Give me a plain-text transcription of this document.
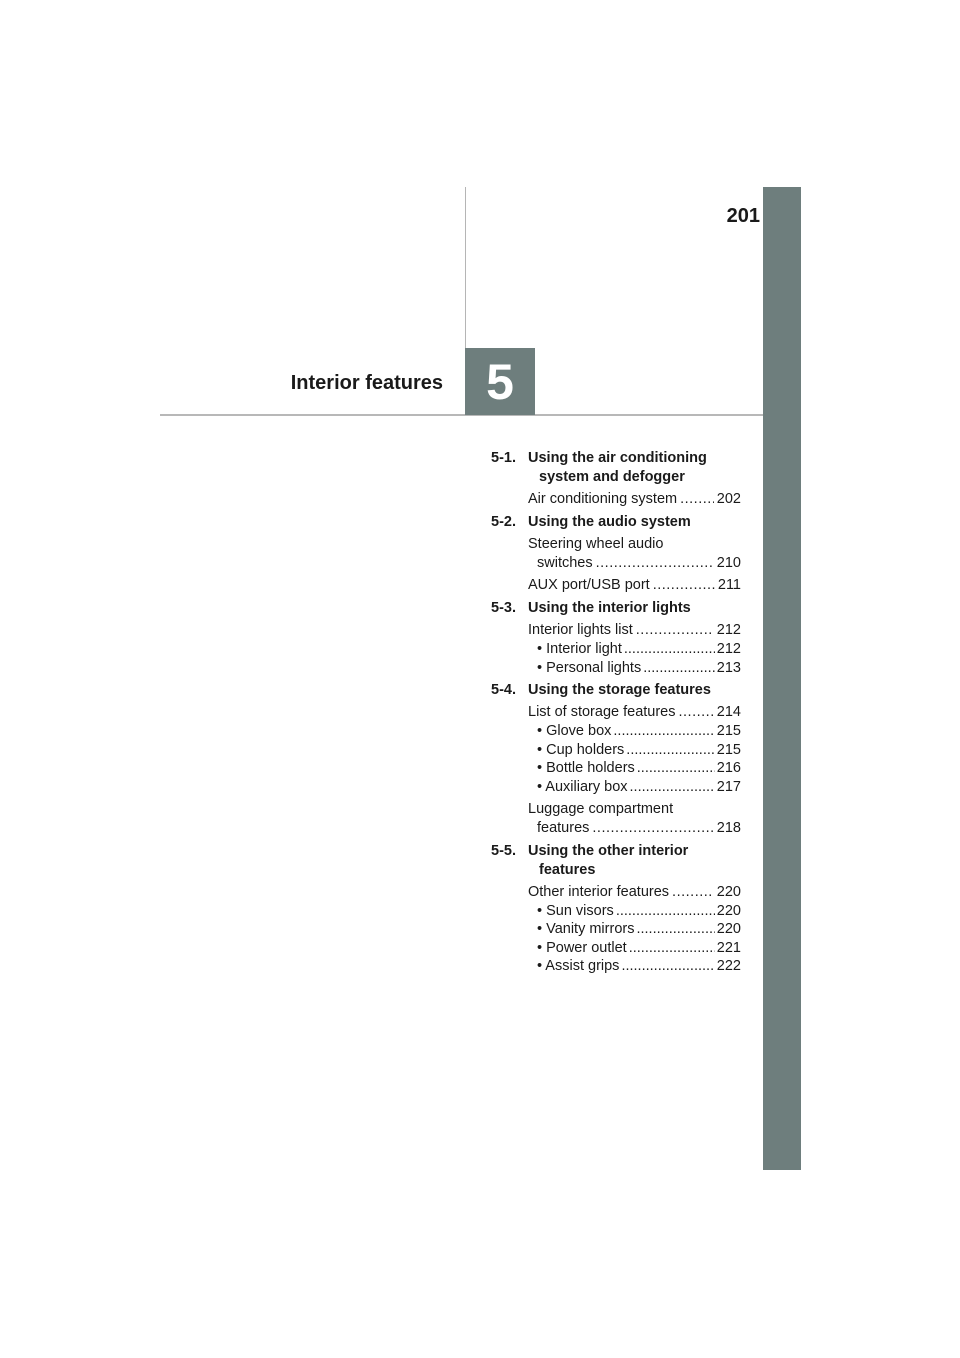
201
5
Interior features
5-1. Using the air conditioning
system and defogger
Air conditioning system .....	202
5-2. Using the audio system
Steering wheel audio
switches .....	210
AUX port/USB port .....	211
5-3. Using the interior lights
Interior lights list .....	212
• Interior light .....	212
• Personal lights .....	213
5-4. Using the storage features
List of storage features .....	214
• Glove box .....	215
• Cup holders .....	215
• Bottle holders .....	216
• Auxiliary box .....	217
Luggage compartment
features .....	218
5-5. Using the other interior
features
Other interior features .....	220
• Sun visors .....	220
• Vanity mirrors .....	220
• Power outlet .....	221
• Assist grips .....	222
